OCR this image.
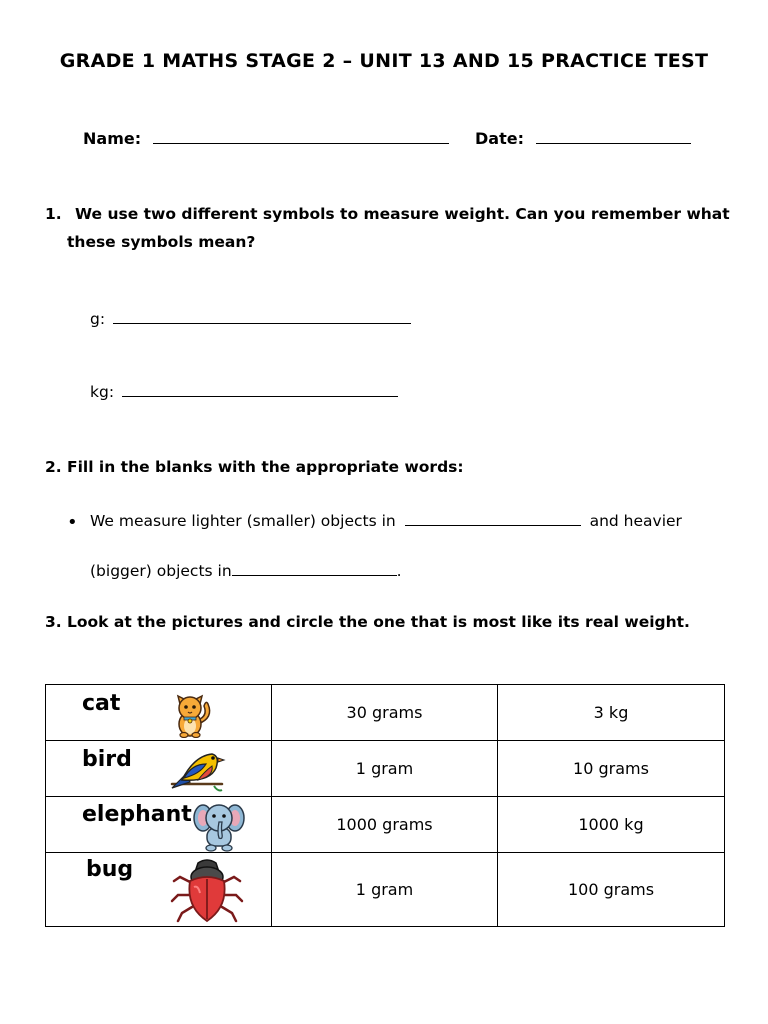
GRADE 1 MATHS STAGE 2 – UNIT 13 AND 15 PRACTICE TEST
Name:	Date:
1. We use two different symbols to measure weight. Can you remember what
these symbols mean?
g:
kg:
2. Fill in the blanks with the appropriate words:
• We measure lighter (smaller) objects in	and heavier
(bigger) objects in	.
3. Look at the pictures and circle the one that is most like its real weight.
cat	30 grams	3 kg

bird	1 gram	10 grams

elephant	1000 grams	1000 kg

bug	1 gram	100 grams
